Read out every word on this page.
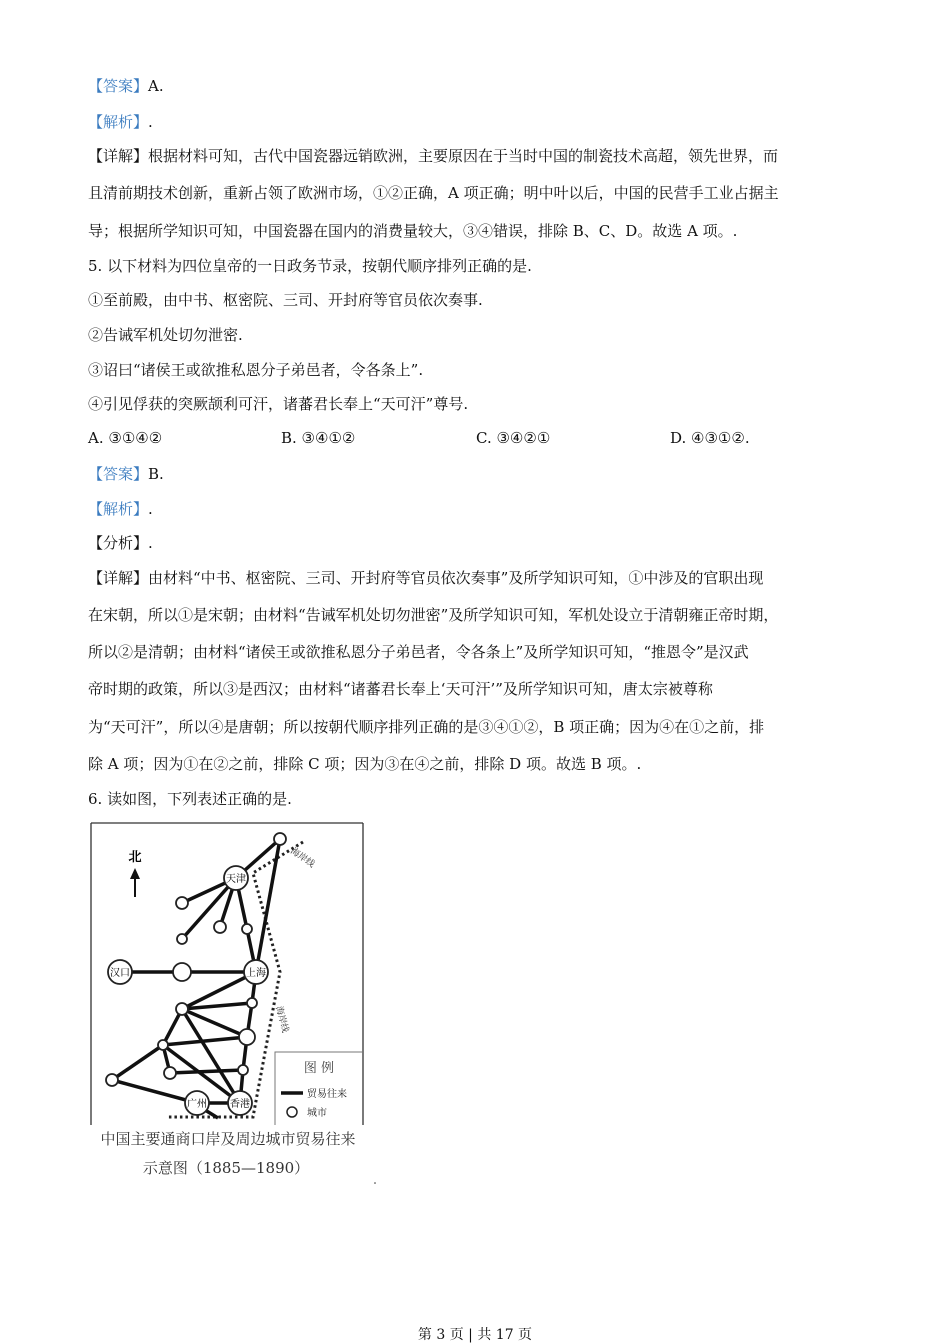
【答案】A.
【解析】.
【详解】根据材料可知，古代中国瓷器远销欧洲，主要原因在于当时中国的制瓷技术高超，领先世界，而
且清前期技术创新，重新占领了欧洲市场，①②正确，A 项正确；明中叶以后，中国的民营手工业占据主
导；根据所学知识可知，中国瓷器在国内的消费量较大，③④错误，排除 B、C、D。故选 A 项。.
5. 以下材料为四位皇帝的一日政务节录，按朝代顺序排列正确的是.
①至前殿，由中书、枢密院、三司、开封府等官员依次奏事.
②告诫军机处切勿泄密.
③诏曰“诸侯王或欲推私恩分子弟邑者，令各条上”.
④引见俘获的突厥颉利可汗，诸蕃君长奉上“天可汗”尊号.
A. ③①④②	B. ③④①②	C. ③④②①	D. ④③①②.
【答案】B.
【解析】.
【分析】.
【详解】由材料“中书、枢密院、三司、开封府等官员依次奏事”及所学知识可知，①中涉及的官职出现
在宋朝，所以①是宋朝；由材料“告诫军机处切勿泄密”及所学知识可知，军机处设立于清朝雍正帝时期，
所以②是清朝；由材料“诸侯王或欲推私恩分子弟邑者，令各条上”及所学知识可知，“推恩令”是汉武
帝时期的政策，所以③是西汉；由材料“诸蕃君长奉上‘天可汗’”及所学知识可知，唐太宗被尊称
为“天可汗”，所以④是唐朝；所以按朝代顺序排列正确的是③④①②，B 项正确；因为④在①之前，排
除 A 项；因为①在②之前，排除 C 项；因为③在④之前，排除 D 项。故选 B 项。.
6. 读如图，下列表述正确的是.
北	海岸线
海岸线
天津
汉口	上海
广州 香港
图 例
贸易往来
城市
中国主要通商口岸及周边城市贸易往来
示意图（1885—1890）
第 3 页 | 共 17 页
